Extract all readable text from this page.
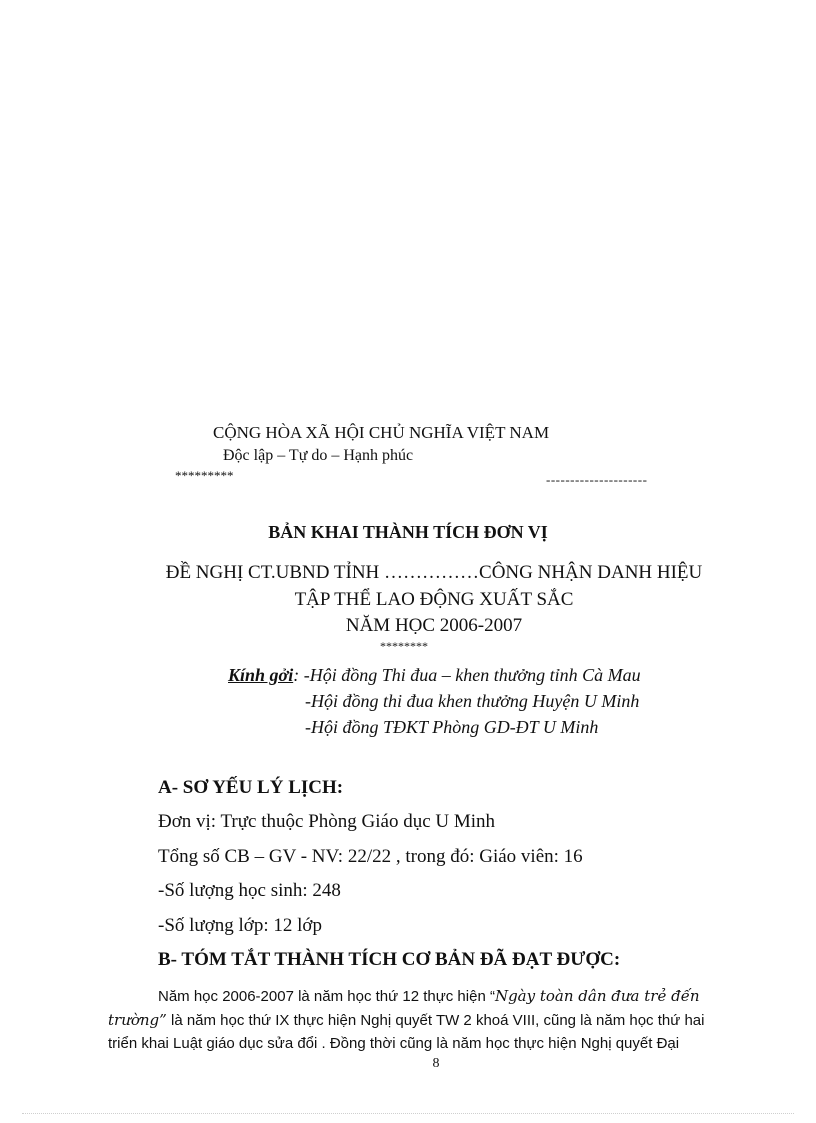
CỘNG HÒA XÃ HỘI CHỦ NGHĨA VIỆT NAM
Độc lập – Tự do – Hạnh phúc
*********	---------------------
BẢN KHAI THÀNH TÍCH ĐƠN VỊ
ĐỀ NGHỊ CT.UBND TỈNH ……………CÔNG NHẬN DANH HIỆU
TẬP THỂ LAO ĐỘNG XUẤT SẮC
NĂM HỌC 2006-2007
********
Kính gởi: -Hội đồng Thi đua – khen thưởng tỉnh Cà Mau
-Hội đồng thi đua khen thưởng Huyện U Minh
-Hội đồng TĐKT Phòng GD-ĐT U Minh
A- SƠ YẾU LÝ LỊCH:
Đơn vị: Trực thuộc Phòng Giáo dục U Minh
Tổng số CB – GV - NV: 22/22 , trong đó: Giáo viên: 16
-Số lượng học sinh: 248
-Số lượng lớp: 12 lớp
B- TÓM TẮT THÀNH TÍCH CƠ BẢN ĐÃ ĐẠT ĐƯỢC:
Năm học 2006-2007 là năm học thứ 12 thực hiện “Ngày toàn dân đưa trẻ đến
trường” là năm học thứ IX thực hiện Nghị quyết TW 2 khoá VIII, cũng là năm học thứ hai
triển khai Luật giáo dục sửa đổi . Đồng thời cũng là năm học thực hiện Nghị quyết Đại
8
